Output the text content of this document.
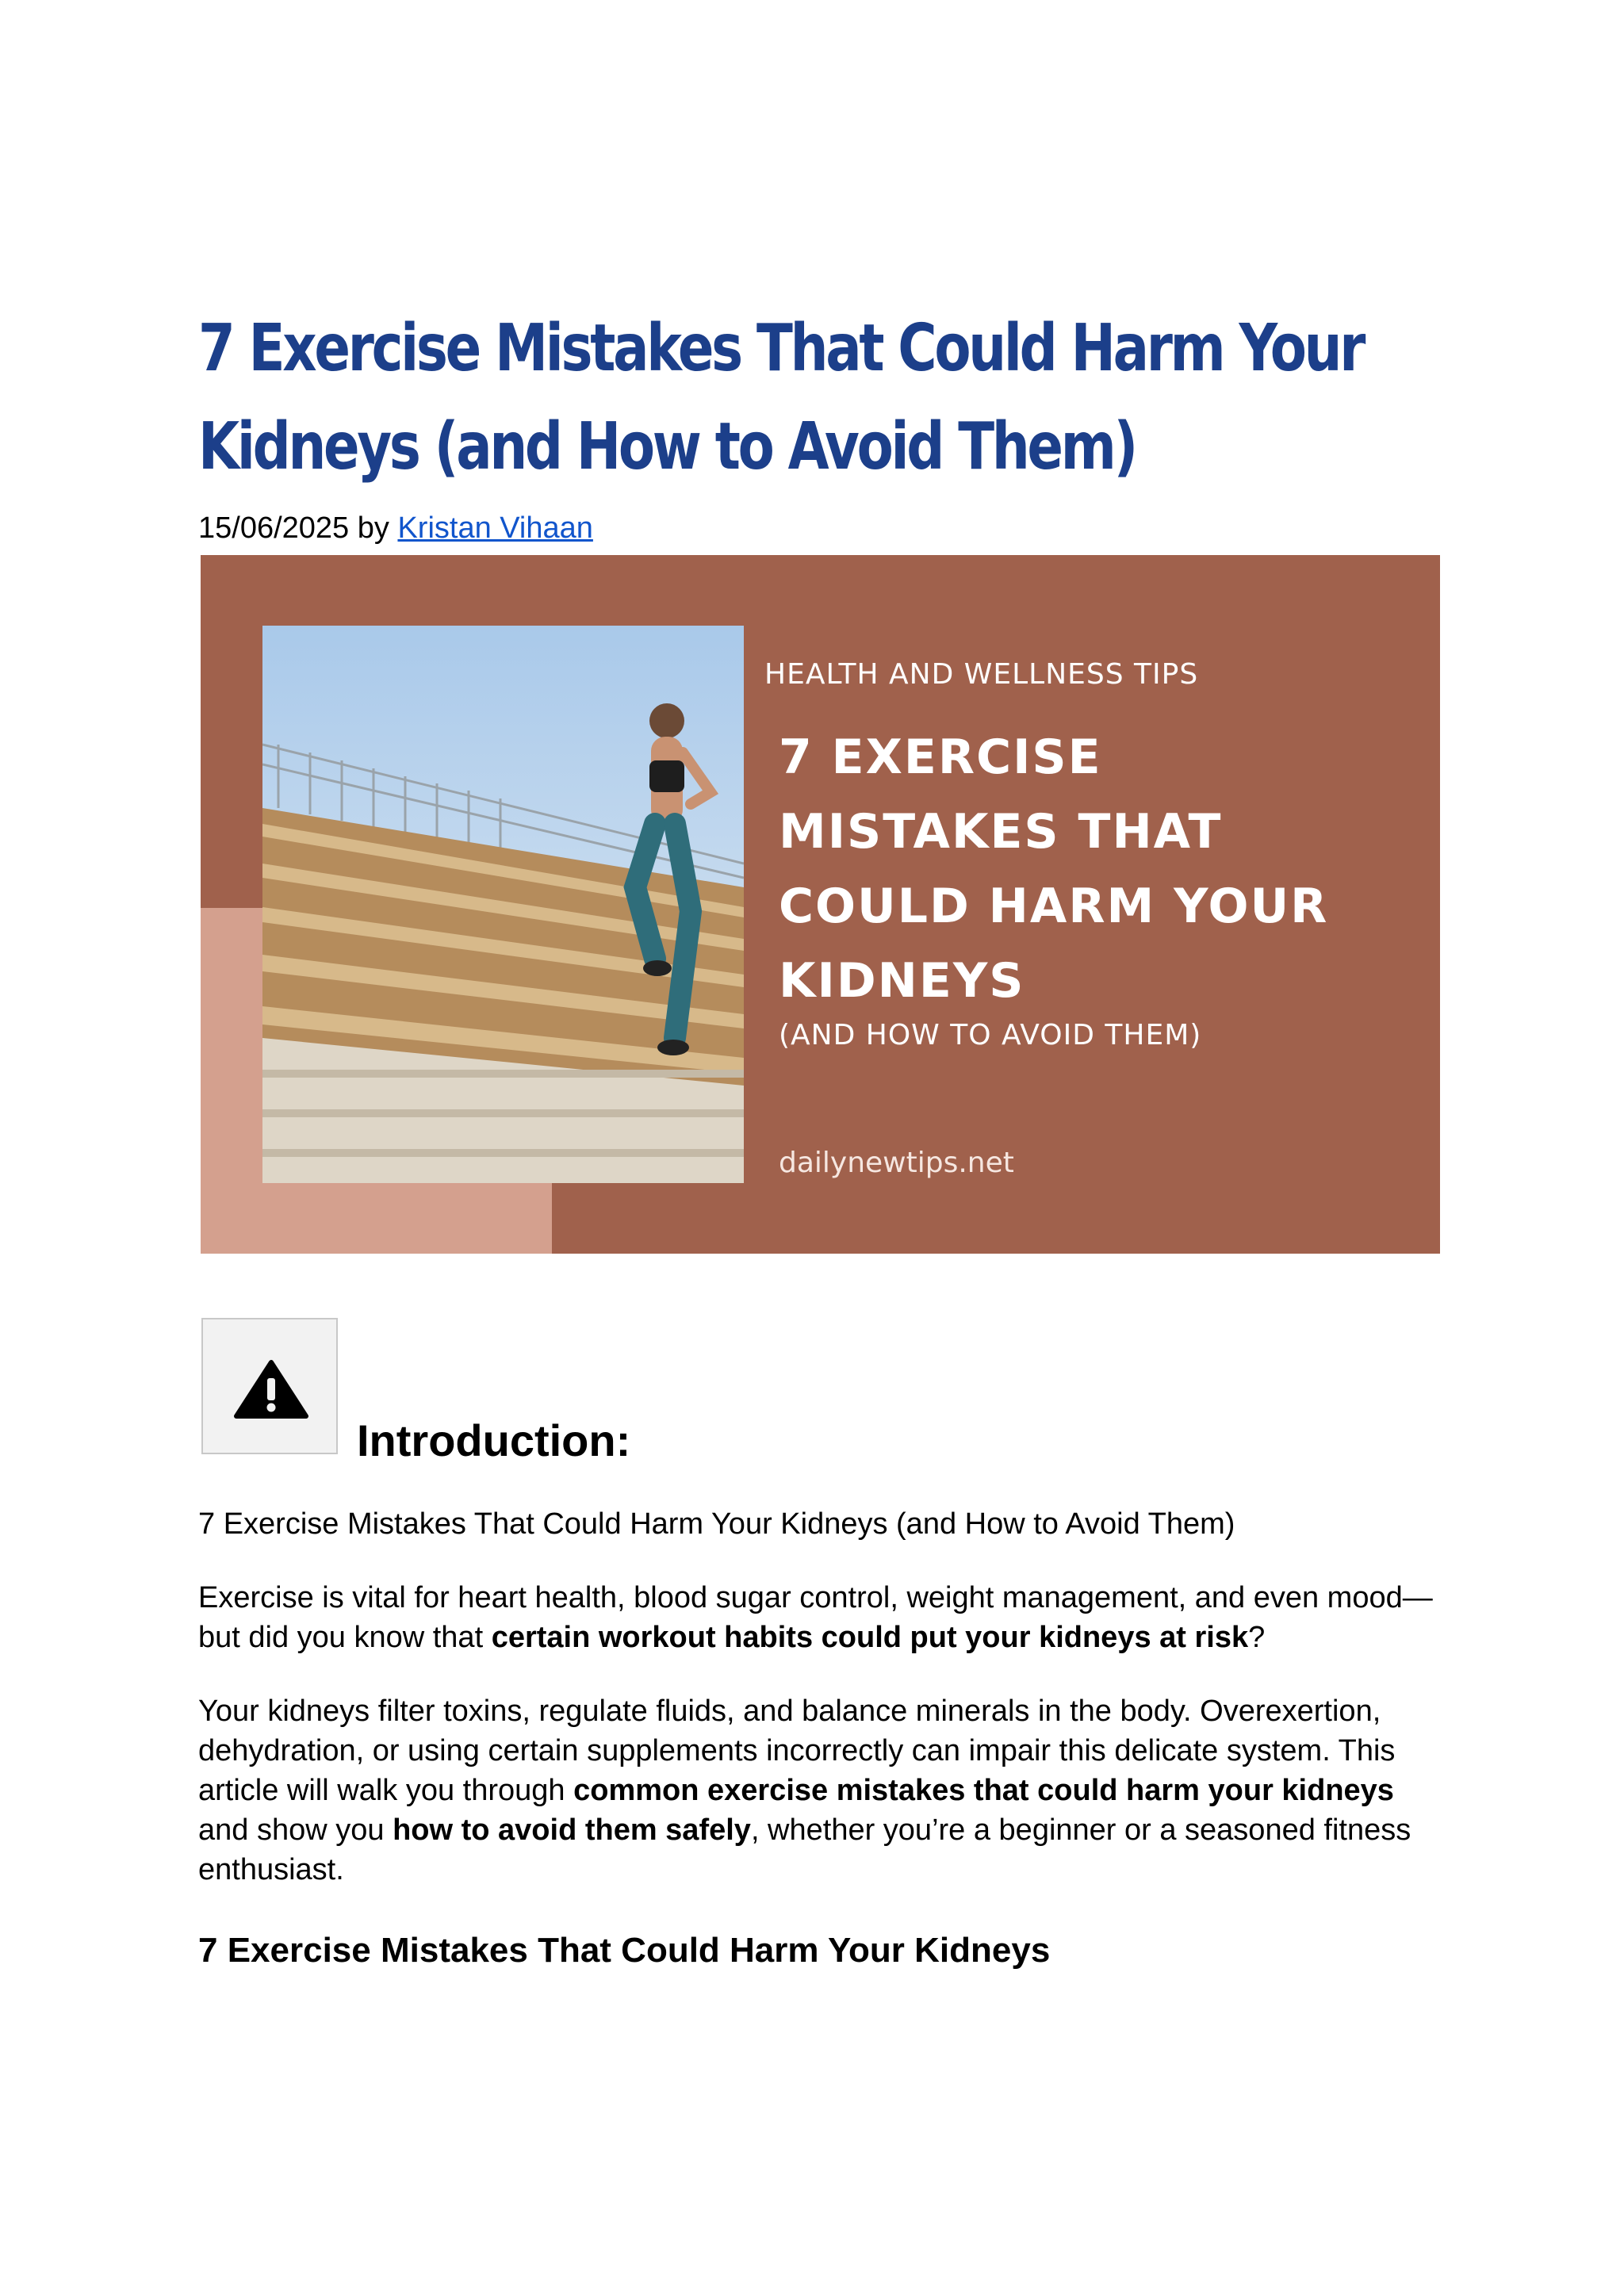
7 Exercise Mistakes That Could Harm Your
Kidneys (and How to Avoid Them)
15/06/2025 by Kristan Vihaan
HEALTH AND WELLNESS TIPS
7 EXERCISE
MISTAKES THAT
COULD HARM YOUR
KIDNEYS
(AND HOW TO AVOID THEM)
dailynewtips.net
Introduction:

7 Exercise Mistakes That Could Harm Your Kidneys (and How to Avoid Them)

Exercise is vital for heart health, blood sugar control, weight management, and even mood—but did you know that certain workout habits could put your kidneys at risk?

Your kidneys filter toxins, regulate fluids, and balance minerals in the body. Overexertion, dehydration, or using certain supplements incorrectly can impair this delicate system. This article will walk you through common exercise mistakes that could harm your kidneys and show you how to avoid them safely, whether you’re a beginner or a seasoned fitness enthusiast.

7 Exercise Mistakes That Could Harm Your Kidneys
